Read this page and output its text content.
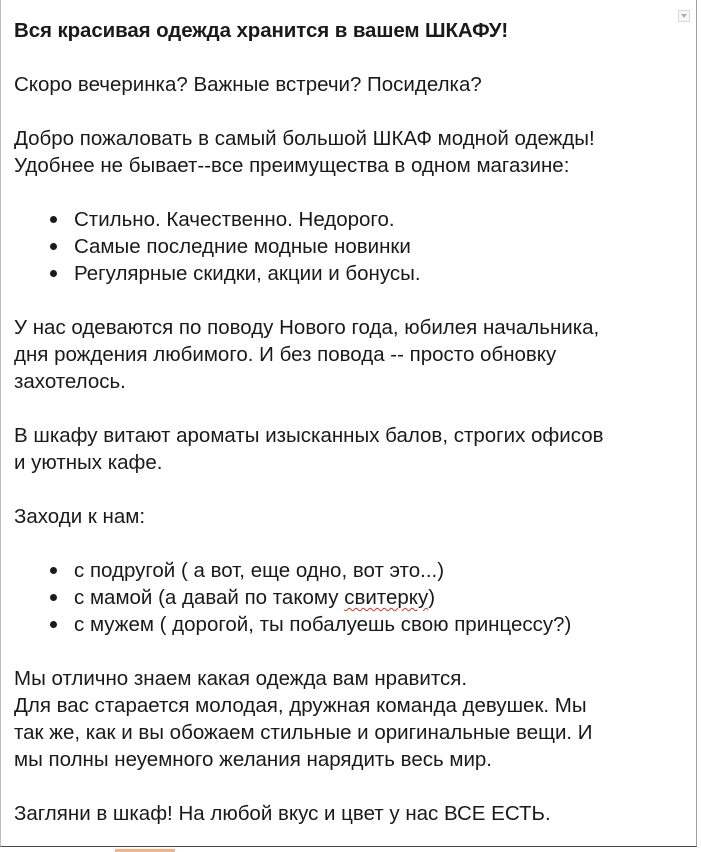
Вся красивая одежда хранится в вашем ШКАФУ!

Скоро вечеринка? Важные встречи? Посиделка?

Добро пожаловать в самый большой ШКАФ модной одежды!

Удобнее не бывает--все преимущества в одном магазине:

Стильно. Качественно. Недорого.
Самые последние модные новинки
Регулярные скидки, акции и бонусы.

У нас одеваются по поводу Нового года, юбилея начальника,

дня рождения любимого. И без повода -- просто обновку

захотелось.

В шкафу витают ароматы изысканных балов, строгих офисов

и уютных кафе.

Заходи к нам:

с подругой ( а вот, еще одно, вот это...)
с мамой (а давай по такому свитерку)
с мужем ( дорогой, ты побалуешь свою принцессу?)

Мы отлично знаем какая одежда вам нравится.

Для вас старается молодая, дружная команда девушек. Мы

так же, как и вы обожаем стильные и оригинальные вещи. И

мы полны неуемного желания нарядить весь мир.

Загляни в шкаф! На любой вкус и цвет у нас ВСЕ ЕСТЬ.
